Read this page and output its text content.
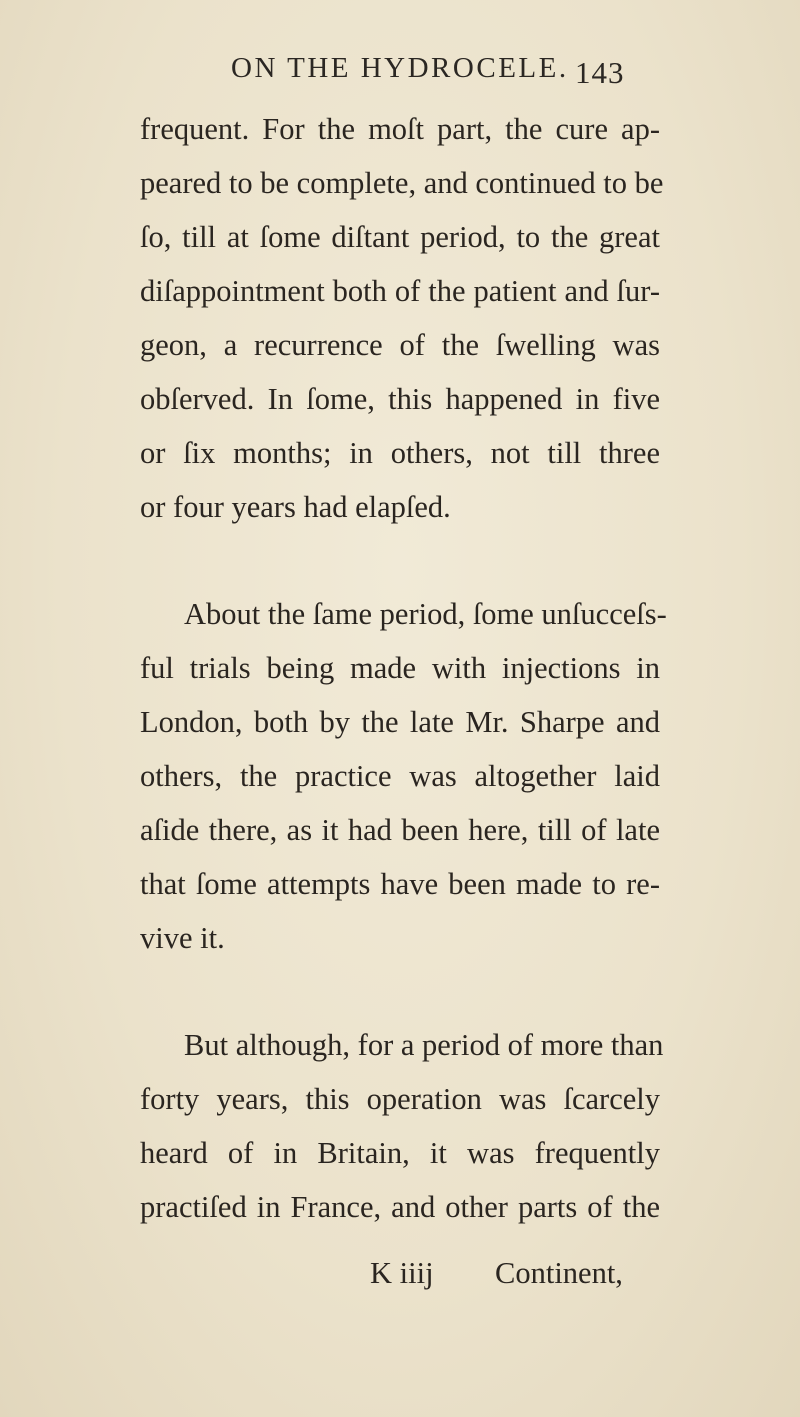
ON THE HYDROCELE. 143
frequent. For the moſt part, the cure ap-
peared to be complete, and continued to be
ſo, till at ſome diſtant period, to the great
diſappointment both of the patient and ſur-
geon, a recurrence of the ſwelling was
obſerved. In ſome, this happened in five
or ſix months; in others, not till three
or four years had elapſed.
About the ſame period, ſome unſucceſs-
ful trials being made with injections in
London, both by the late Mr. Sharpe and
others, the practice was altogether laid
aſide there, as it had been here, till of late
that ſome attempts have been made to re-
vive it.
But although, for a period of more than
forty years, this operation was ſcarcely
heard of in Britain, it was frequently
practiſed in France, and other parts of the
K iiij Continent,
